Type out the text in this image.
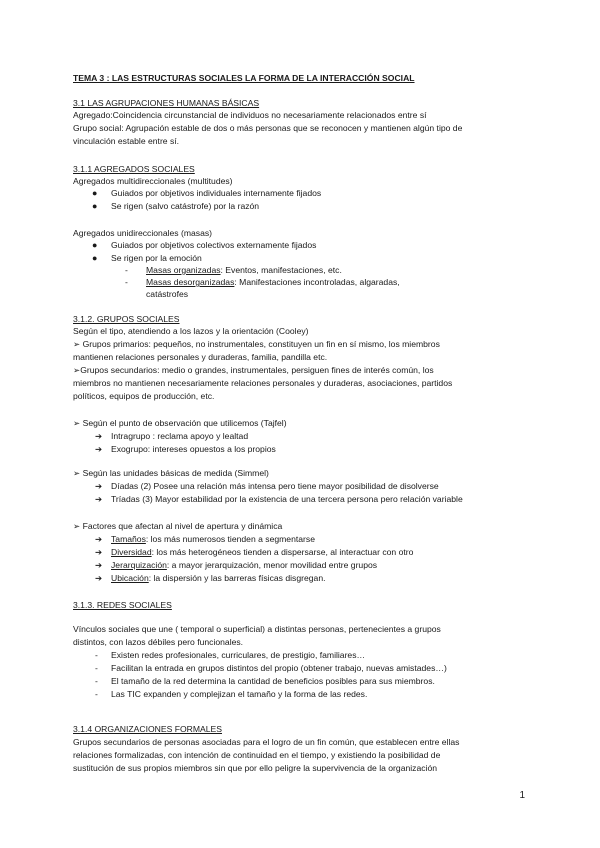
TEMA 3 : LAS ESTRUCTURAS SOCIALES LA FORMA DE LA INTERACCIÓN SOCIAL
3.1 LAS AGRUPACIONES HUMANAS BÁSICAS
Agregado:Coincidencia circunstancial de individuos no necesariamente relacionados entre sí
Grupo social: Agrupación estable de dos o más personas que se reconocen y mantienen algún tipo de
vinculación estable entre sí.
3.1.1 AGREGADOS SOCIALES
Agregados multidireccionales (multitudes)
● Guiados por objetivos individuales internamente fijados
● Se rigen (salvo catástrofe) por la razón
Agregados unidireccionales (masas)
● Guiados por objetivos colectivos externamente fijados
● Se rigen por la emoción
- Masas organizadas: Eventos, manifestaciones, etc.
- Masas desorganizadas: Manifestaciones incontroladas, algaradas,
catástrofes
3.1.2. GRUPOS SOCIALES
Según el tipo, atendiendo a los lazos y la orientación (Cooley)
➢ Grupos primarios: pequeños, no instrumentales, constituyen un fin en sí mismo, los miembros
mantienen relaciones personales y duraderas, familia, pandilla etc.
➢Grupos secundarios: medio o grandes, instrumentales, persiguen fines de interés común, los
miembros no mantienen necesariamente relaciones personales y duraderas, asociaciones, partidos
políticos, equipos de producción, etc.
➢ Según el punto de observación que utilicemos (Tajfel)
➔ Intragrupo : reclama apoyo y lealtad
➔ Exogrupo: intereses opuestos a los propios
➢ Según las unidades básicas de medida (Simmel)
➔ Díadas (2) Posee una relación más intensa pero tiene mayor posibilidad de disolverse
➔ Tríadas (3) Mayor estabilidad por la existencia de una tercera persona pero relación variable
➢ Factores que afectan al nivel de apertura y dinámica
➔ Tamaños: los más numerosos tienden a segmentarse
➔ Diversidad: los más heterogéneos tienden a dispersarse, al interactuar con otro
➔ Jerarquización: a mayor jerarquización, menor movilidad entre grupos
➔ Ubicación: la dispersión y las barreras físicas disgregan.
3.1.3. REDES SOCIALES
Vínculos sociales que une ( temporal o superficial) a distintas personas, pertenecientes a grupos
distintos, con lazos débiles pero funcionales.
- Existen redes profesionales, curriculares, de prestigio, familiares…
- Facilitan la entrada en grupos distintos del propio (obtener trabajo, nuevas amistades…)
- El tamaño de la red determina la cantidad de beneficios posibles para sus miembros.
- Las TIC expanden y complejizan el tamaño y la forma de las redes.
3.1.4 ORGANIZACIONES FORMALES
Grupos secundarios de personas asociadas para el logro de un fin común, que establecen entre ellas
relaciones formalizadas, con intención de continuidad en el tiempo, y existiendo la posibilidad de
sustitución de sus propios miembros sin que por ello peligre la supervivencia de la organización
1
